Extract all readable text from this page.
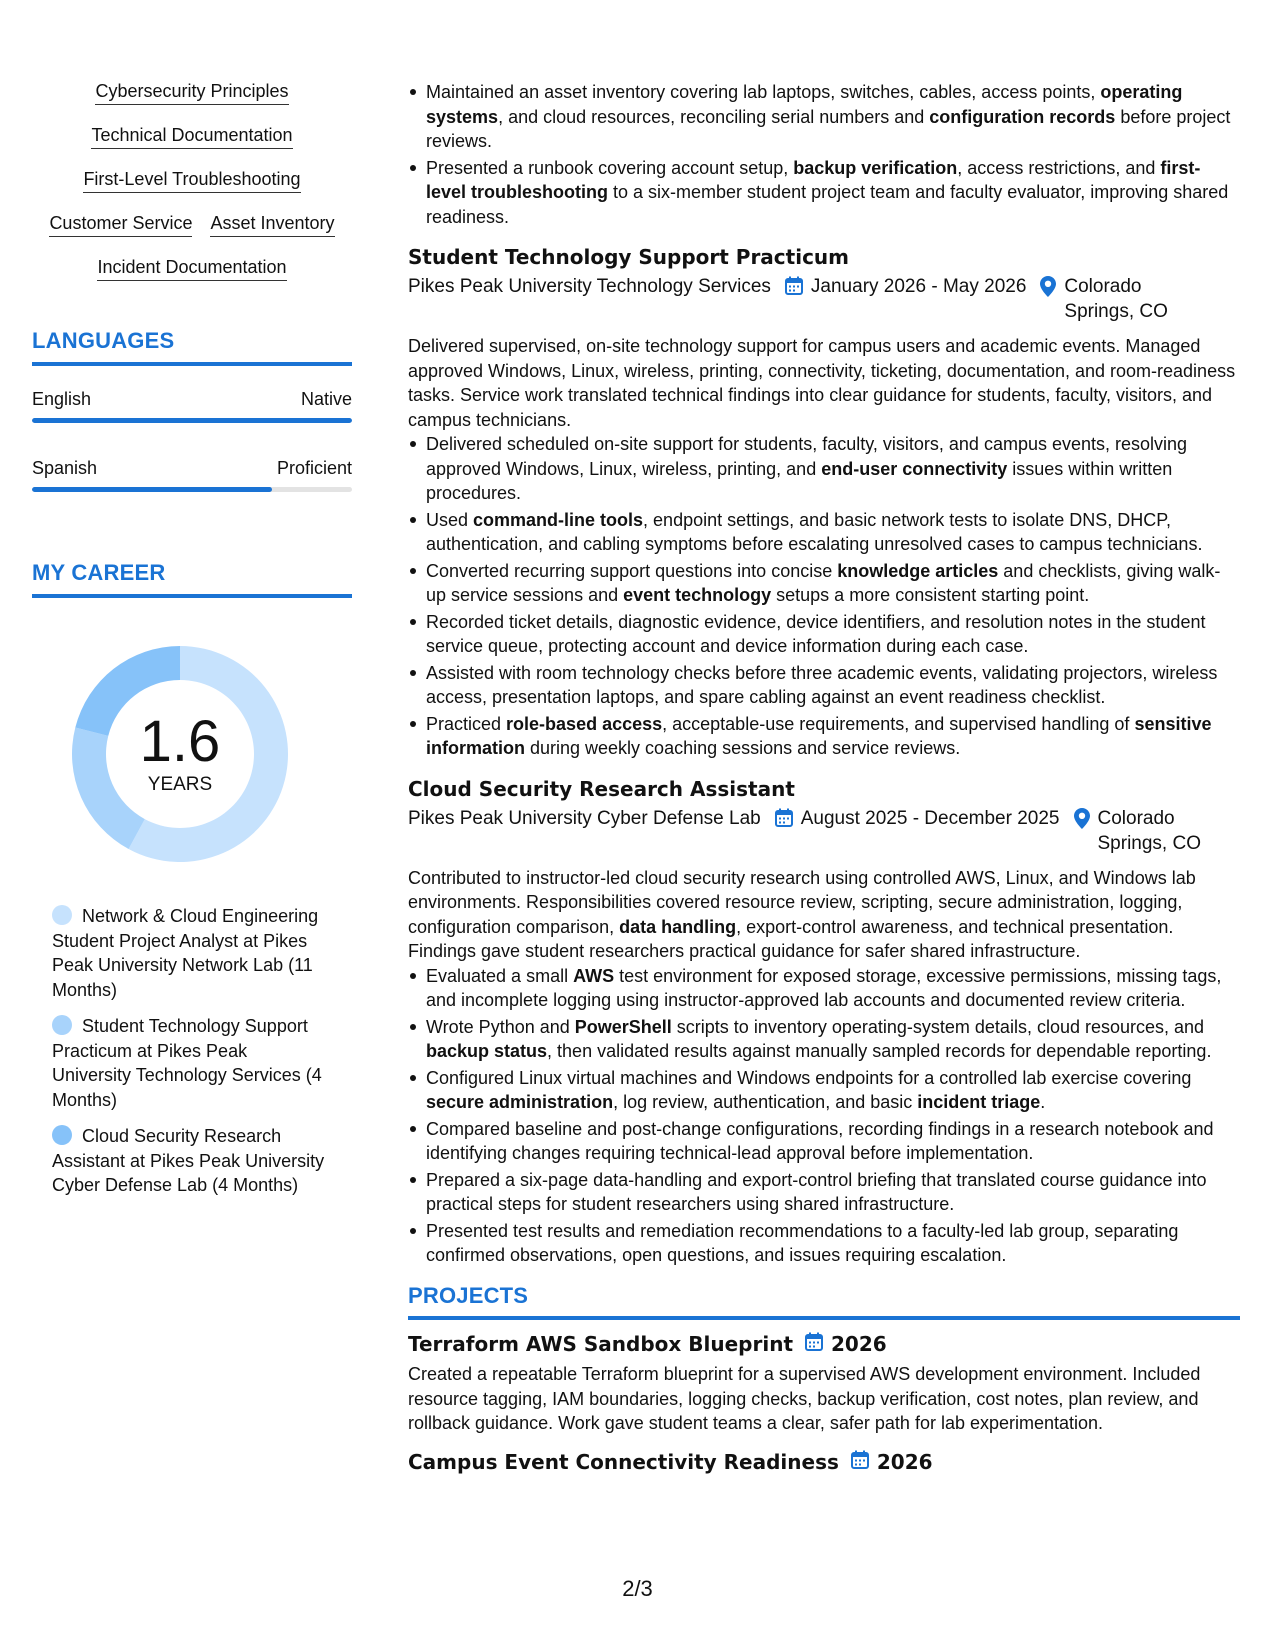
Cybersecurity Principles
Technical Documentation
First-Level Troubleshooting
Customer Service Asset Inventory
Incident Documentation
LANGUAGES
English	Native
Spanish	Proficient
MY CAREER
1.6
YEARS
Network & Cloud Engineering Student Project Analyst at Pikes Peak University Network Lab (11 Months)
Student Technology Support Practicum at Pikes Peak University Technology Services (4 Months)
Cloud Security Research Assistant at Pikes Peak University Cyber Defense Lab (4 Months)
Maintained an asset inventory covering lab laptops, switches, cables, access points, operating systems, and cloud resources, reconciling serial numbers and configuration records before project reviews.
Presented a runbook covering account setup, backup verification, access restrictions, and first-level troubleshooting to a six-member student project team and faculty evaluator, improving shared readiness.
Student Technology Support Practicum
Pikes Peak University Technology Services January 2026 - May 2026 Colorado Springs, CO

Delivered supervised, on-site technology support for campus users and academic events. Managed approved Windows, Linux, wireless, printing, connectivity, ticketing, documentation, and room-readiness tasks. Service work translated technical findings into clear guidance for students, faculty, visitors, and campus technicians.

Delivered scheduled on-site support for students, faculty, visitors, and campus events, resolving approved Windows, Linux, wireless, printing, and end-user connectivity issues within written procedures.
Used command-line tools, endpoint settings, and basic network tests to isolate DNS, DHCP, authentication, and cabling symptoms before escalating unresolved cases to campus technicians.
Converted recurring support questions into concise knowledge articles and checklists, giving walk-up service sessions and event technology setups a more consistent starting point.
Recorded ticket details, diagnostic evidence, device identifiers, and resolution notes in the student service queue, protecting account and device information during each case.
Assisted with room technology checks before three academic events, validating projectors, wireless access, presentation laptops, and spare cabling against an event readiness checklist.
Practiced role-based access, acceptable-use requirements, and supervised handling of sensitive information during weekly coaching sessions and service reviews.
Cloud Security Research Assistant
Pikes Peak University Cyber Defense Lab August 2025 - December 2025 Colorado Springs, CO

Contributed to instructor-led cloud security research using controlled AWS, Linux, and Windows lab environments. Responsibilities covered resource review, scripting, secure administration, logging, configuration comparison, data handling, export-control awareness, and technical presentation. Findings gave student researchers practical guidance for safer shared infrastructure.

Evaluated a small AWS test environment for exposed storage, excessive permissions, missing tags, and incomplete logging using instructor-approved lab accounts and documented review criteria.
Wrote Python and PowerShell scripts to inventory operating-system details, cloud resources, and backup status, then validated results against manually sampled records for dependable reporting.
Configured Linux virtual machines and Windows endpoints for a controlled lab exercise covering secure administration, log review, authentication, and basic incident triage.
Compared baseline and post-change configurations, recording findings in a research notebook and identifying changes requiring technical-lead approval before implementation.
Prepared a six-page data-handling and export-control briefing that translated course guidance into practical steps for student researchers using shared infrastructure.
Presented test results and remediation recommendations to a faculty-led lab group, separating confirmed observations, open questions, and issues requiring escalation.
PROJECTS
Terraform AWS Sandbox Blueprint 2026

Created a repeatable Terraform blueprint for a supervised AWS development environment. Included resource tagging, IAM boundaries, logging checks, backup verification, cost notes, plan review, and rollback guidance. Work gave student teams a clear, safer path for lab experimentation.

Campus Event Connectivity Readiness 2026
2/3
